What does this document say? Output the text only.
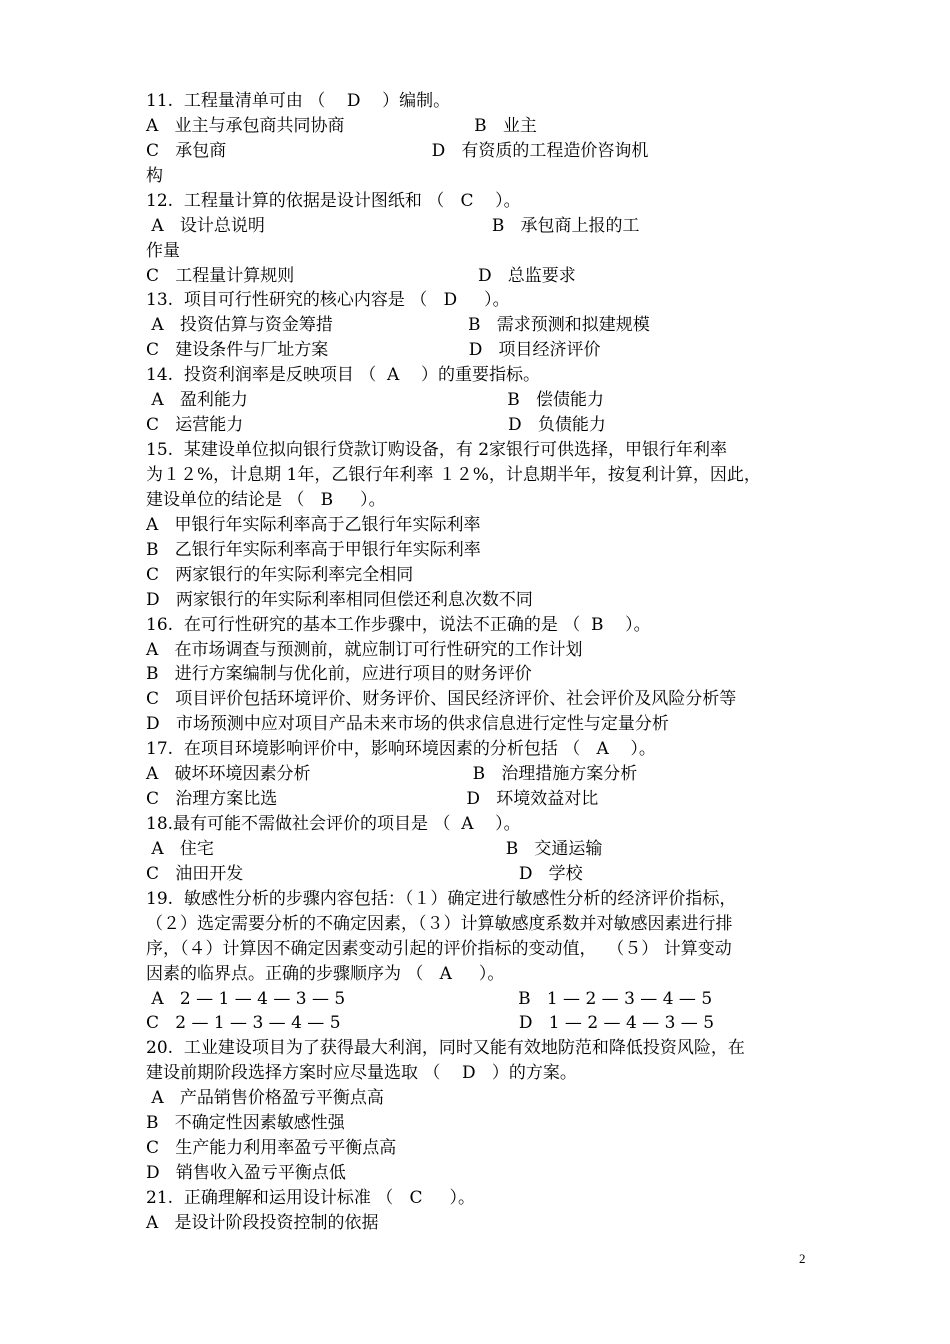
11.  工程量清单可由 （    D    ）编制。
A   业主与承包商共同协商                        B   业主
C   承包商                                      D   有资质的工程造价咨询机
构
12.  工程量计算的依据是设计图纸和 （   C    ）。
A   设计总说明                                          B   承包商上报的工
作量
C   工程量计算规则                                  D   总监要求
13.  项目可行性研究的核心内容是 （   D     ）。
A   投资估算与资金筹措                         B   需求预测和拟建规模
C   建设条件与厂址方案                          D   项目经济评价
14.  投资利润率是反映项目 （  A    ）的重要指标。
A   盈利能力                                                B   偿债能力
C   运营能力                                                 D   负债能力
15.  某建设单位拟向银行贷款订购设备，有 2家银行可供选择，甲银行年利率
为１２%，计息期 1年，乙银行年利率 １２%，计息期半年，按复利计算，因此，
建设单位的结论是 （   B     ）。
A   甲银行年实际利率高于乙银行年实际利率
B   乙银行年实际利率高于甲银行年实际利率
C   两家银行的年实际利率完全相同
D   两家银行的年实际利率相同但偿还利息次数不同
16.  在可行性研究的基本工作步骤中，说法不正确的是 （  B    ）。
A   在市场调查与预测前，就应制订可行性研究的工作计划
B   进行方案编制与优化前，应进行项目的财务评价
C   项目评价包括环境评价、财务评价、国民经济评价、社会评价及风险分析等
D   市场预测中应对项目产品未来市场的供求信息进行定性与定量分析
17.  在项目环境影响评价中，影响环境因素的分析包括 （   A    ）。
A   破坏环境因素分析                              B   治理措施方案分析
C   治理方案比选                                   D   环境效益对比
18.最有可能不需做社会评价的项目是 （  A    ）。
A   住宅                                                      B   交通运输
C   油田开发                                                   D   学校
19.  敏感性分析的步骤内容包括：（１）确定进行敏感性分析的经济评价指标，
（２）选定需要分析的不确定因素，（３）计算敏感度系数并对敏感因素进行排
序，（４）计算因不确定因素变动引起的评价指标的变动值，  （５） 计算变动
因素的临界点。正确的步骤顺序为 （   A     ）。
A   2 — 1 — 4 — 3 — 5                                B   1 — 2 — 3 — 4 — 5
C   2 — 1 — 3 — 4 — 5                                 D   1 — 2 — 4 — 3 — 5
20.  工业建设项目为了获得最大利润，同时又能有效地防范和降低投资风险，在
建设前期阶段选择方案时应尽量选取 （    D   ）的方案。
A   产品销售价格盈亏平衡点高
B   不确定性因素敏感性强
C   生产能力利用率盈亏平衡点高
D   销售收入盈亏平衡点低
21.  正确理解和运用设计标准 （   C     ）。
A   是设计阶段投资控制的依据
2
